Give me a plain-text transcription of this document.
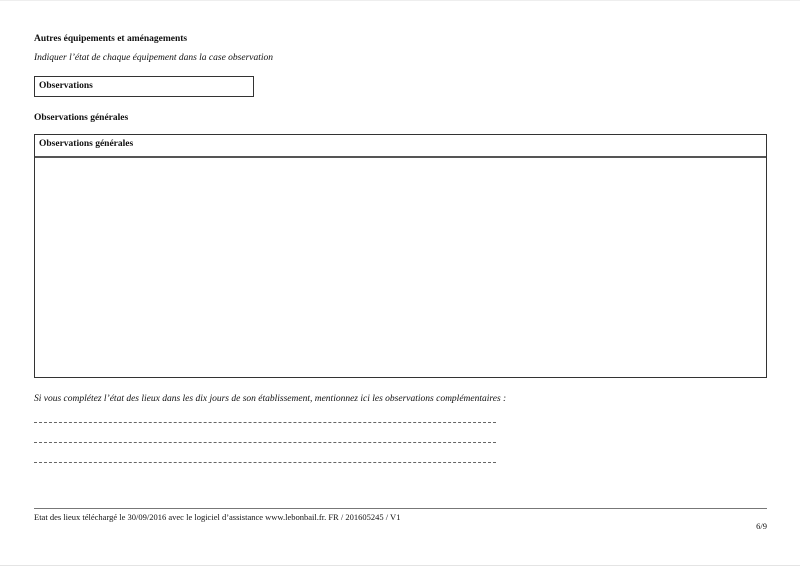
Autres équipements et aménagements
Indiquer l’état de chaque équipement dans la case observation
Observations
Observations générales
Observations générales
Si vous complétez l’état des lieux dans les dix jours de son établissement, mentionnez ici les observations complémentaires :
Etat des lieux téléchargé le 30/09/2016 avec le logiciel d’assistance www.lebonbail.fr. FR / 201605245 / V1
6/9
